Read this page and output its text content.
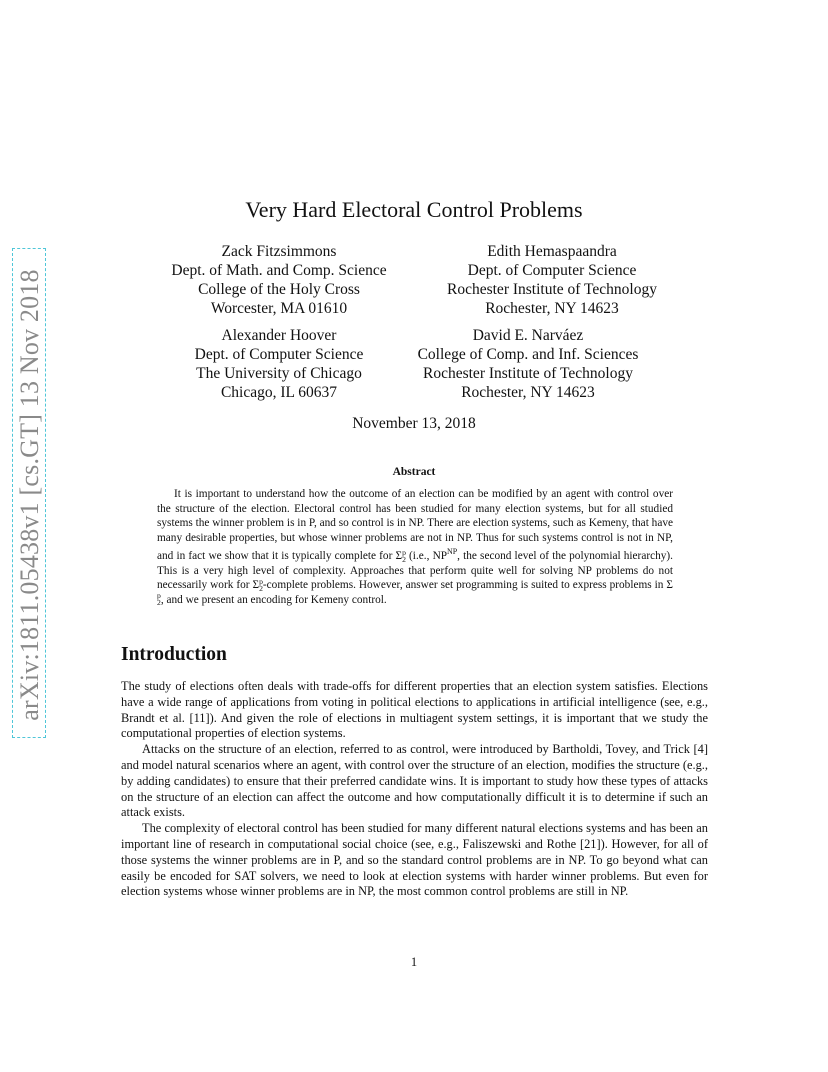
arXiv:1811.05438v1 [cs.GT] 13 Nov 2018
Very Hard Electoral Control Problems
Zack Fitzsimmons
Dept. of Math. and Comp. Science
College of the Holy Cross
Worcester, MA 01610
Edith Hemaspaandra
Dept. of Computer Science
Rochester Institute of Technology
Rochester, NY 14623
Alexander Hoover
Dept. of Computer Science
The University of Chicago
Chicago, IL 60637
David E. Narváez
College of Comp. and Inf. Sciences
Rochester Institute of Technology
Rochester, NY 14623
November 13, 2018
Abstract

It is important to understand how the outcome of an election can be modified by an agent with control over the structure of the election. Electoral control has been studied for many election systems, but for all studied systems the winner problem is in P, and so control is in NP. There are election systems, such as Kemeny, that have many desirable properties, but whose winner problems are not in NP. Thus for such systems control is not in NP, and in fact we show that it is typically complete for Σ p
2 (i.e., $NP^{NP}$, the second level of the polynomial hierarchy). This is a very high level of complexity. Approaches that perform quite well for solving NP problems do not necessarily work for Σ p
2 -complete problems. However, answer set programming is suited to express problems in Σ
p
2 , and we present an encoding for Kemeny control.

Introduction

The study of elections often deals with trade-offs for different properties that an election system satisfies. Elections have a wide range of applications from voting in political elections to applications in artificial intelligence (see, e.g., Brandt et al. [11]). And given the role of elections in multiagent system settings, it is important that we study the computational properties of election systems.

Attacks on the structure of an election, referred to as control, were introduced by Bartholdi, Tovey, and Trick [4] and model natural scenarios where an agent, with control over the structure of an election, modifies the structure (e.g., by adding candidates) to ensure that their preferred candidate wins. It is important to study how these types of attacks on the structure of an election can affect the outcome and how computationally difficult it is to determine if such an attack exists.

The complexity of electoral control has been studied for many different natural elections systems and has been an important line of research in computational social choice (see, e.g., Faliszewski and Rothe [21]). However, for all of those systems the winner problems are in P, and so the standard control problems are in NP. To go beyond what can easily be encoded for SAT solvers, we need to look at election systems with harder winner problems. But even for election systems whose winner problems are in NP, the most common control problems are still in NP.

1
